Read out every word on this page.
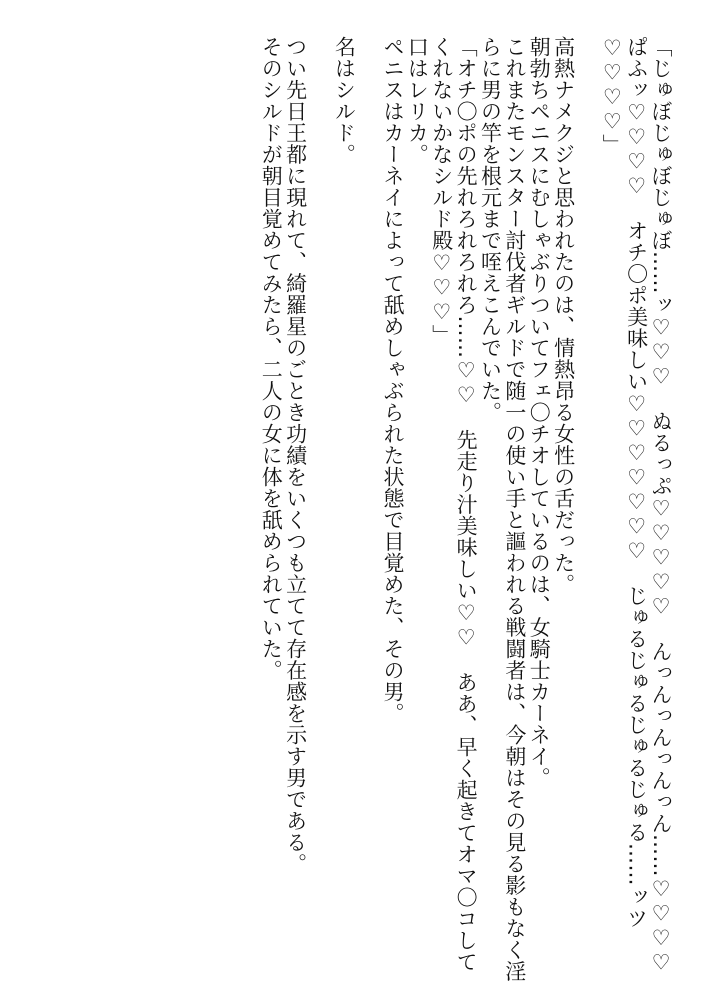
「じゅぼじゅぼじゅぼ……ッ♡♡♡　ぬるっぷ♡♡♡♡♡　んっんっんっんっん……♡♡♡♡　ぱふッ♡♡♡♡　オチ〇ポ美味しい♡♡♡♡♡♡♡　じゅるじゅるじゅるじゅる……ッツ♡♡♡♡」

高熱ナメクジと思われたのは、情熱昂る女性の舌だった。

朝勃ちペニスにむしゃぶりついてフェ〇チオしているのは、女騎士カーネイ。

これまたモンスター討伐者ギルドで随一の使い手と謳われる戦闘者は、今朝はその見る影もなく淫らに男の竿を根元まで咥えこんでいた。

「オチ〇ポの先れろれろれろ……♡♡　先走り汁美味しい♡♡　ああ、早く起きてオマ〇コしてくれないかなシルド殿♡♡♡」

口はレリカ。

ペニスはカーネイによって舐めしゃぶられた状態で目覚めた、その男。

名はシルド。

つい先日王都に現れて、綺羅星のごとき功績をいくつも立てて存在感を示す男である。

そのシルドが朝目覚めてみたら、二人の女に体を舐められていた。
